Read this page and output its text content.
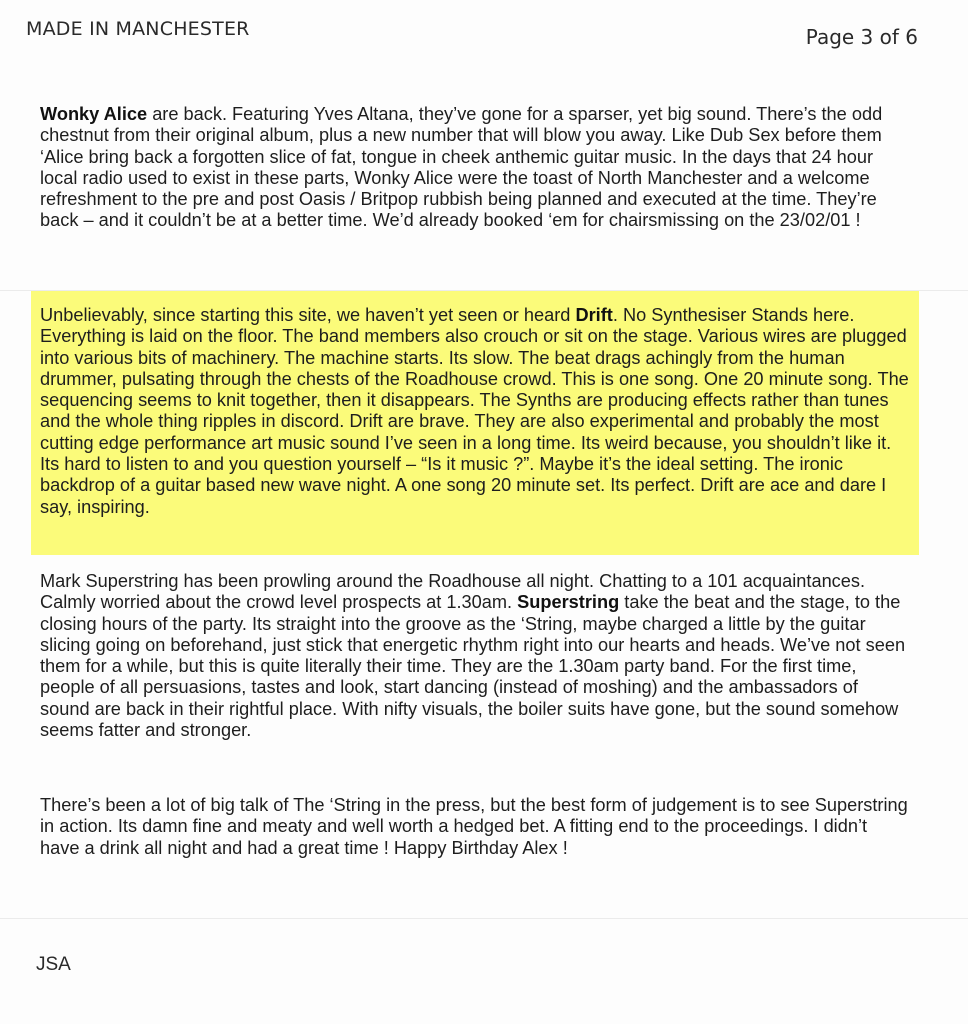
MADE IN MANCHESTER	Page 3 of 6

Wonky Alice are back. Featuring Yves Altana, they’ve gone for a sparser, yet big sound. There’s the odd chestnut from their original album, plus a new number that will blow you away. Like Dub Sex before them ‘Alice bring back a forgotten slice of fat, tongue in cheek anthemic guitar music. In the days that 24 hour local radio used to exist in these parts, Wonky Alice were the toast of North Manchester and a welcome refreshment to the pre and post Oasis / Britpop rubbish being planned and executed at the time. They’re back – and it couldn’t be at a better time. We’d already booked ‘em for chairsmissing on the 23/02/01 !

Unbelievably, since starting this site, we haven’t yet seen or heard Drift. No Synthesiser Stands here. Everything is laid on the floor. The band members also crouch or sit on the stage. Various wires are plugged into various bits of machinery. The machine starts. Its slow. The beat drags achingly from the human drummer, pulsating through the chests of the Roadhouse crowd. This is one song. One 20 minute song. The sequencing seems to knit together, then it disappears. The Synths are producing effects rather than tunes and the whole thing ripples in discord. Drift are brave. They are also experimental and probably the most cutting edge performance art music sound I’ve seen in a long time. Its weird because, you shouldn’t like it. Its hard to listen to and you question yourself – “Is it music ?”. Maybe it’s the ideal setting. The ironic backdrop of a guitar based new wave night. A one song 20 minute set. Its perfect. Drift are ace and dare I say, inspiring.

Mark Superstring has been prowling around the Roadhouse all night. Chatting to a 101 acquaintances. Calmly worried about the crowd level prospects at 1.30am. Superstring take the beat and the stage, to the closing hours of the party. Its straight into the groove as the ‘String, maybe charged a little by the guitar slicing going on beforehand, just stick that energetic rhythm right into our hearts and heads. We’ve not seen them for a while, but this is quite literally their time. They are the 1.30am party band. For the first time, people of all persuasions, tastes and look, start dancing (instead of moshing) and the ambassadors of sound are back in their rightful place. With nifty visuals, the boiler suits have gone, but the sound somehow seems fatter and stronger.

There’s been a lot of big talk of The ‘String in the press, but the best form of judgement is to see Superstring in action. Its damn fine and meaty and well worth a hedged bet. A fitting end to the proceedings. I didn’t have a drink all night and had a great time ! Happy Birthday Alex !

JSA
